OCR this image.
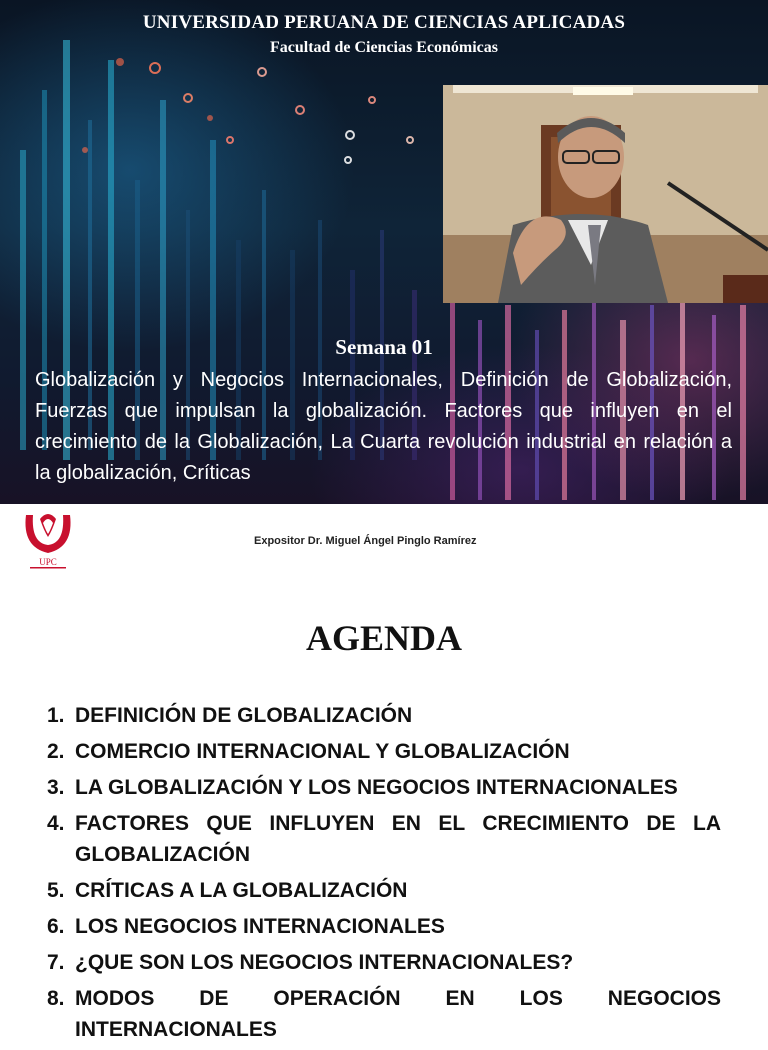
UNIVERSIDAD PERUANA DE CIENCIAS APLICADAS
Facultad de Ciencias Económicas
Semana 01

Globalización y Negocios Internacionales, Definición de Globalización, Fuerzas que impulsan la globalización. Factores que influyen en el crecimiento de la Globalización, La Cuarta revolución industrial en relación a la globalización, Críticas

UPC
Expositor Dr. Miguel Ángel Pinglo Ramírez
AGENDA
1. DEFINICIÓN DE GLOBALIZACIÓN
2. COMERCIO INTERNACIONAL Y GLOBALIZACIÓN
3. LA GLOBALIZACIÓN Y LOS NEGOCIOS INTERNACIONALES
4. FACTORES QUE INFLUYEN EN EL CRECIMIENTO DE LA GLOBALIZACIÓN
5. CRÍTICAS A LA GLOBALIZACIÓN
6. LOS NEGOCIOS INTERNACIONALES
7. ¿QUE SON LOS NEGOCIOS INTERNACIONALES?
8. MODOS DE OPERACIÓN EN LOS NEGOCIOS INTERNACIONALES
